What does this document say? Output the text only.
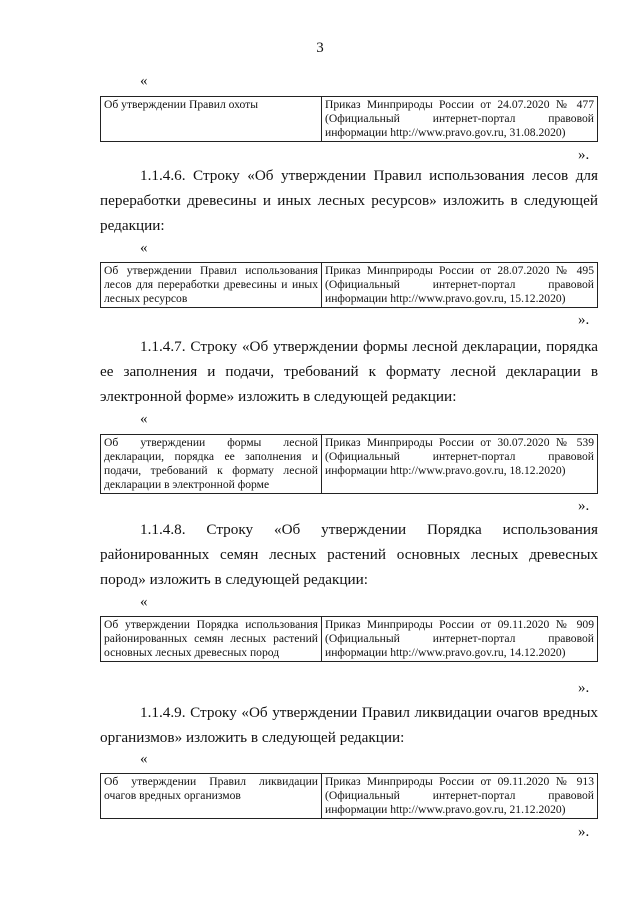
3
«
Об утверждении Правил охоты	Приказ Минприроды России от 24.07.2020 № 477 (Официальный интернет-портал правовой информации http://www.pravo.gov.ru, 31.08.2020)
».
1.1.4.6. Строку «Об утверждении Правил использования лесов для переработки древесины и иных лесных ресурсов» изложить в следующей редакции:
«
Об утверждении Правил использования лесов для переработки древесины и иных лесных ресурсов	Приказ Минприроды России от 28.07.2020 № 495 (Официальный интернет-портал правовой информации http://www.pravo.gov.ru, 15.12.2020)
».
1.1.4.7. Строку «Об утверждении формы лесной декларации, порядка ее заполнения и подачи, требований к формату лесной декларации в электронной форме» изложить в следующей редакции:
«
Об утверждении формы лесной декларации, порядка ее заполнения и подачи, требований к формату лесной декларации в электронной форме	Приказ Минприроды России от 30.07.2020 № 539 (Официальный интернет-портал правовой информации http://www.pravo.gov.ru, 18.12.2020)
».
1.1.4.8. Строку «Об утверждении Порядка использования районированных семян лесных растений основных лесных древесных пород» изложить в следующей редакции:
«
Об утверждении Порядка использования районированных семян лесных растений основных лесных древесных пород	Приказ Минприроды России от 09.11.2020 № 909 (Официальный интернет-портал правовой информации http://www.pravo.gov.ru, 14.12.2020)
».
1.1.4.9. Строку «Об утверждении Правил ликвидации очагов вредных организмов» изложить в следующей редакции:
«
Об утверждении Правил ликвидации очагов вредных организмов	Приказ Минприроды России от 09.11.2020 № 913 (Официальный интернет-портал правовой информации http://www.pravo.gov.ru, 21.12.2020)
».
